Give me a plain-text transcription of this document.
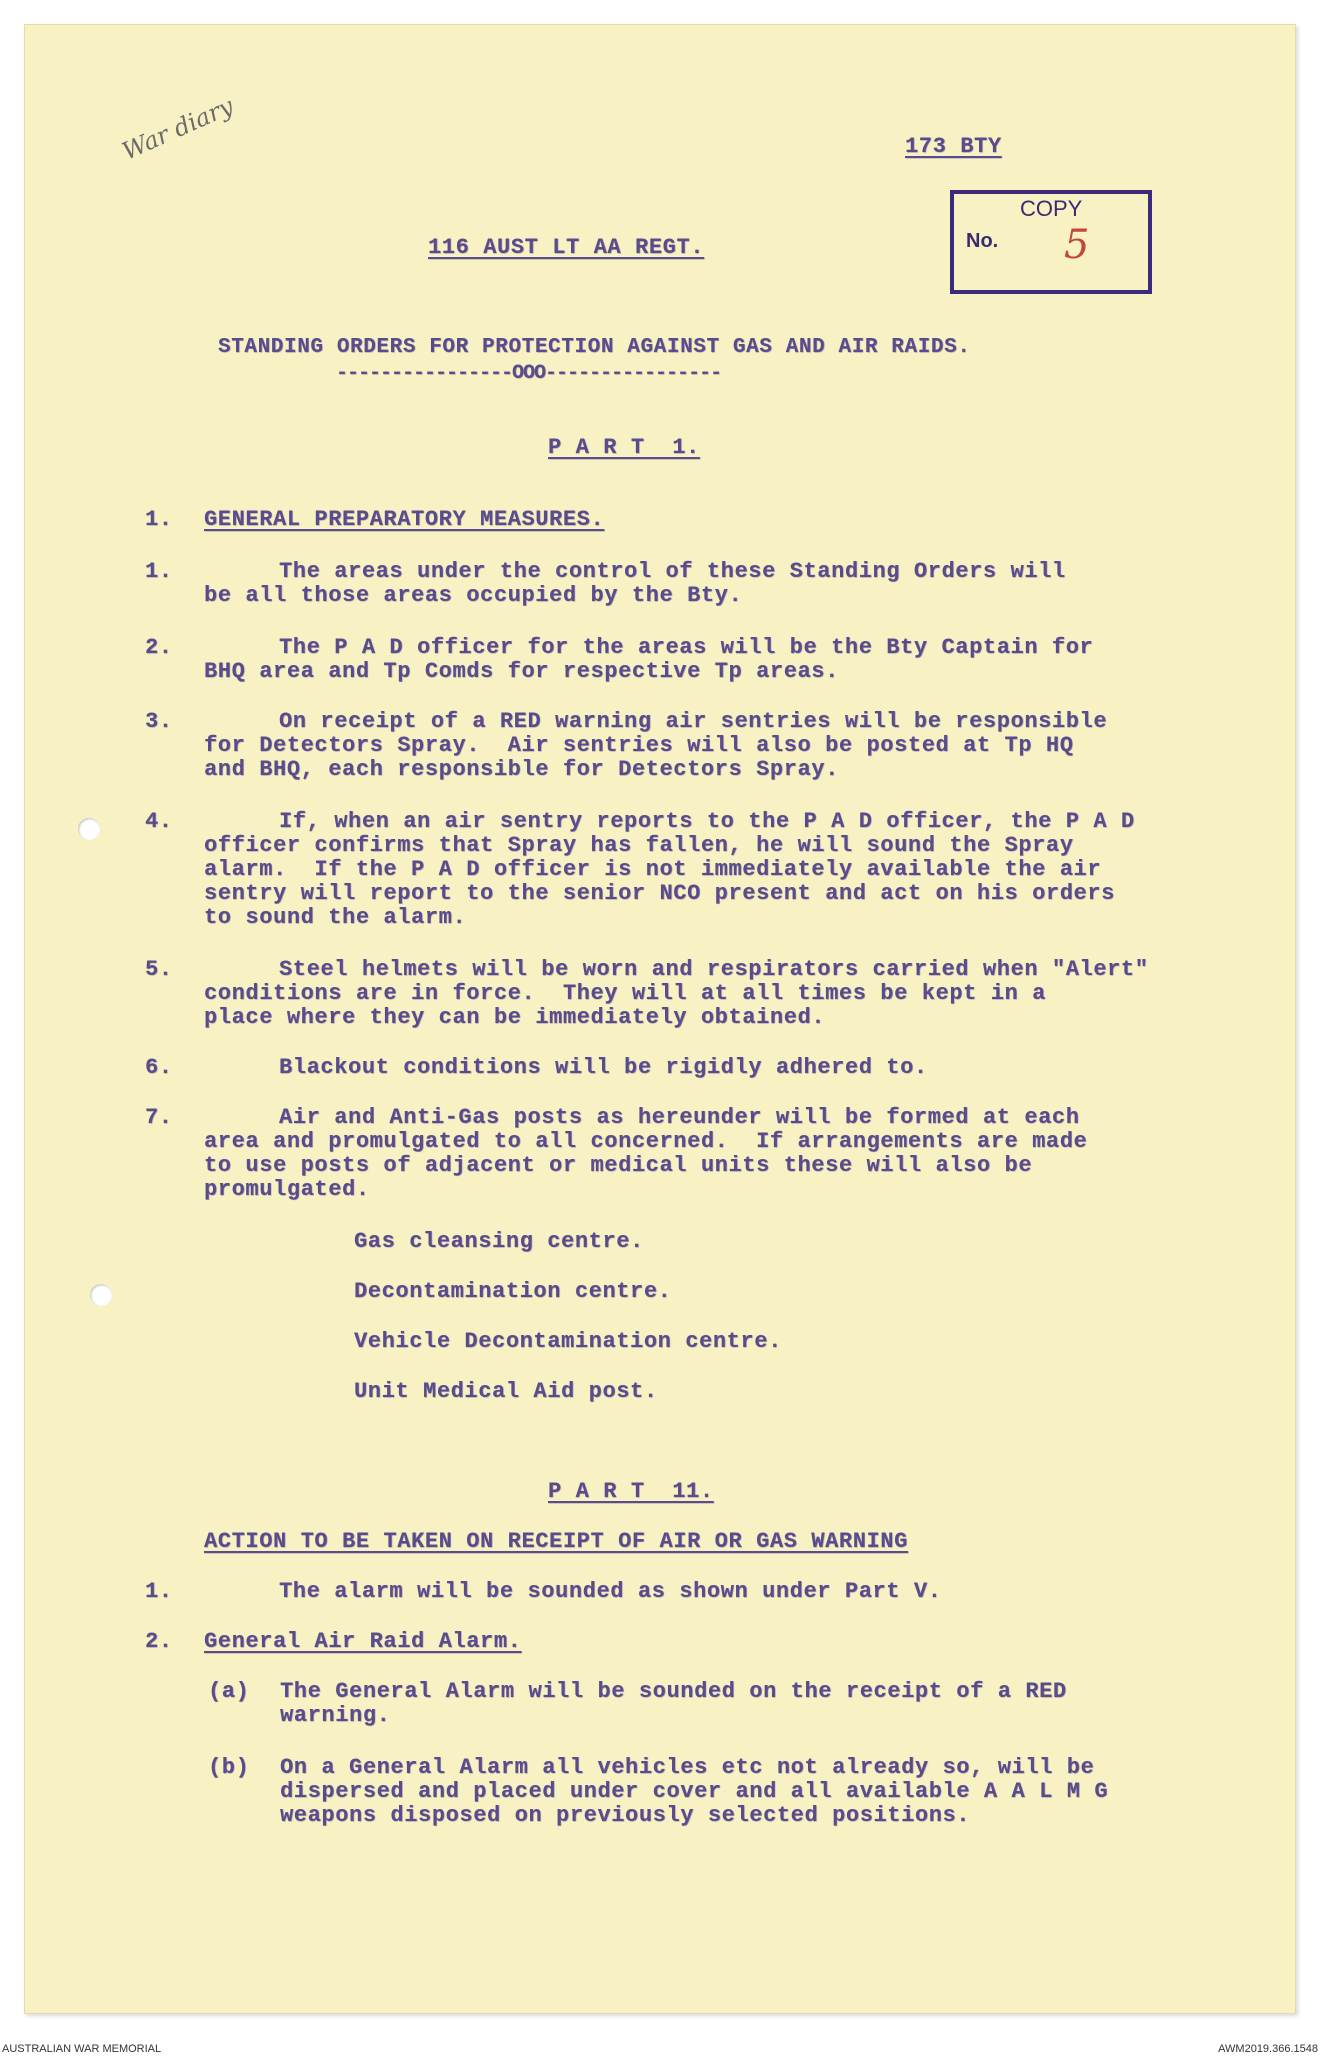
War diary	173 BTY
COPY
No. 5
116 AUST LT AA REGT.
STANDING ORDERS FOR PROTECTION AGAINST GAS AND AIR RAIDS.
----------------OOO----------------
P A R T  1.
1. GENERAL PREPARATORY MEASURES.
1.	The areas under the control of these Standing Orders will
be all those areas occupied by the Bty.
2.	The P A D officer for the areas will be the Bty Captain for
BHQ area and Tp Comds for respective Tp areas.
3.	On receipt of a RED warning air sentries will be responsible
for Detectors Spray.  Air sentries will also be posted at Tp HQ
and BHQ, each responsible for Detectors Spray.
4.	If, when an air sentry reports to the P A D officer, the P A D
officer confirms that Spray has fallen, he will sound the Spray
alarm.  If the P A D officer is not immediately available the air
sentry will report to the senior NCO present and act on his orders
to sound the alarm.
5.	Steel helmets will be worn and respirators carried when "Alert"
conditions are in force.  They will at all times be kept in a
place where they can be immediately obtained.
6.	Blackout conditions will be rigidly adhered to.
7.	Air and Anti-Gas posts as hereunder will be formed at each
area and promulgated to all concerned.  If arrangements are made
to use posts of adjacent or medical units these will also be
promulgated.
Gas cleansing centre.
Decontamination centre.
Vehicle Decontamination centre.
Unit Medical Aid post.
P A R T  11.
ACTION TO BE TAKEN ON RECEIPT OF AIR OR GAS WARNING
1.	The alarm will be sounded as shown under Part V.
2. General Air Raid Alarm.
(a) The General Alarm will be sounded on the receipt of a RED
warning.
(b) On a General Alarm all vehicles etc not already so, will be
dispersed and placed under cover and all available A A L M G
weapons disposed on previously selected positions.
AUSTRALIAN WAR MEMORIAL	AWM2019.366.1548
